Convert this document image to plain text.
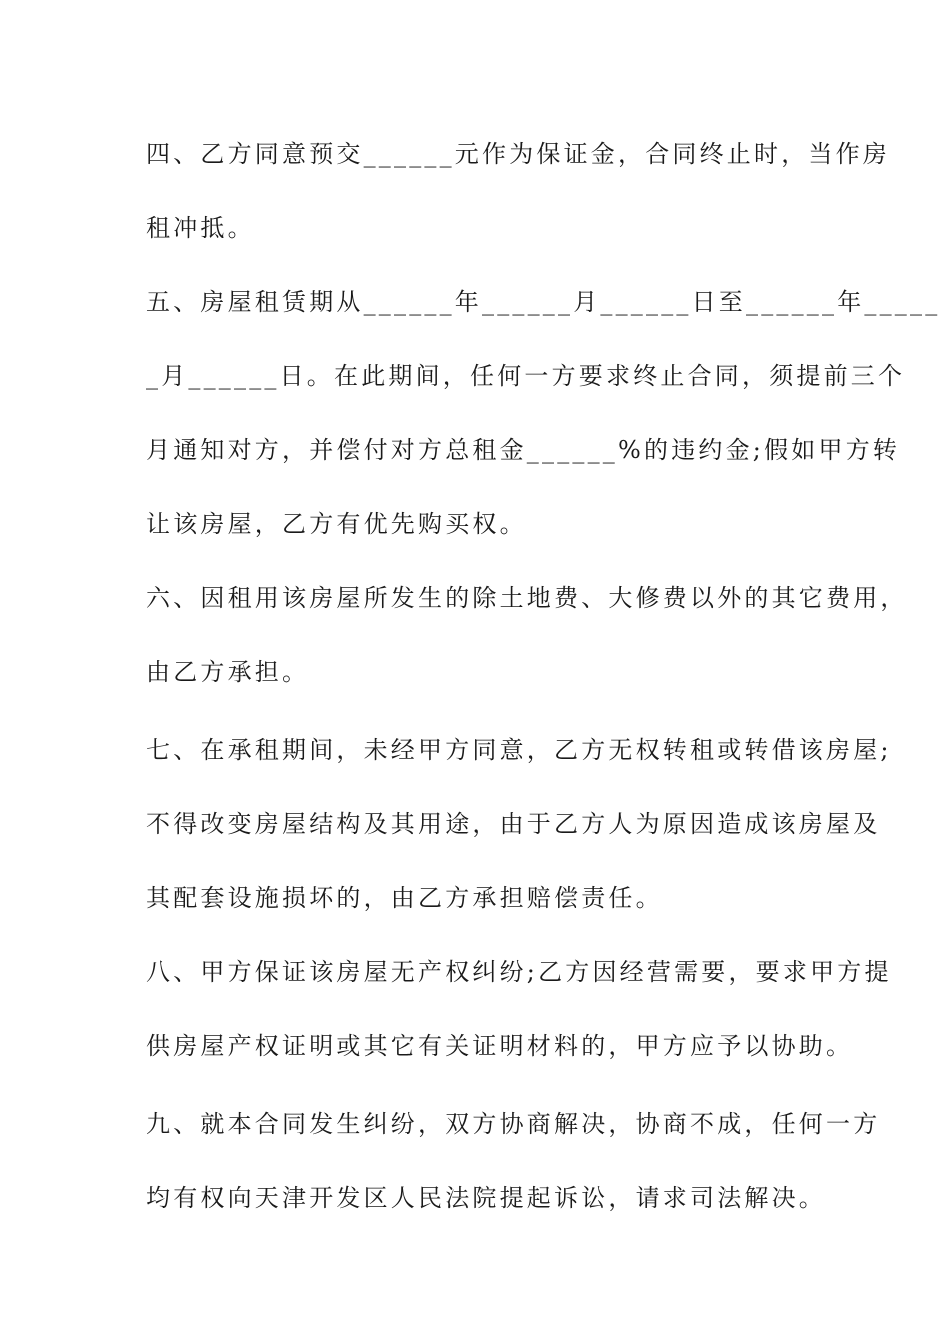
四、乙方同意预交______元作为保证金，合同终止时，当作房

租冲抵。

五、房屋租赁期从______年______月______日至______年_____

_月______日。在此期间，任何一方要求终止合同，须提前三个

月通知对方，并偿付对方总租金______%的违约金;假如甲方转

让该房屋，乙方有优先购买权。

六、因租用该房屋所发生的除土地费、大修费以外的其它费用，

由乙方承担。

七、在承租期间，未经甲方同意，乙方无权转租或转借该房屋;

不得改变房屋结构及其用途，由于乙方人为原因造成该房屋及

其配套设施损坏的，由乙方承担赔偿责任。

八、甲方保证该房屋无产权纠纷;乙方因经营需要，要求甲方提

供房屋产权证明或其它有关证明材料的，甲方应予以协助。

九、就本合同发生纠纷，双方协商解决，协商不成，任何一方

均有权向天津开发区人民法院提起诉讼，请求司法解决。
